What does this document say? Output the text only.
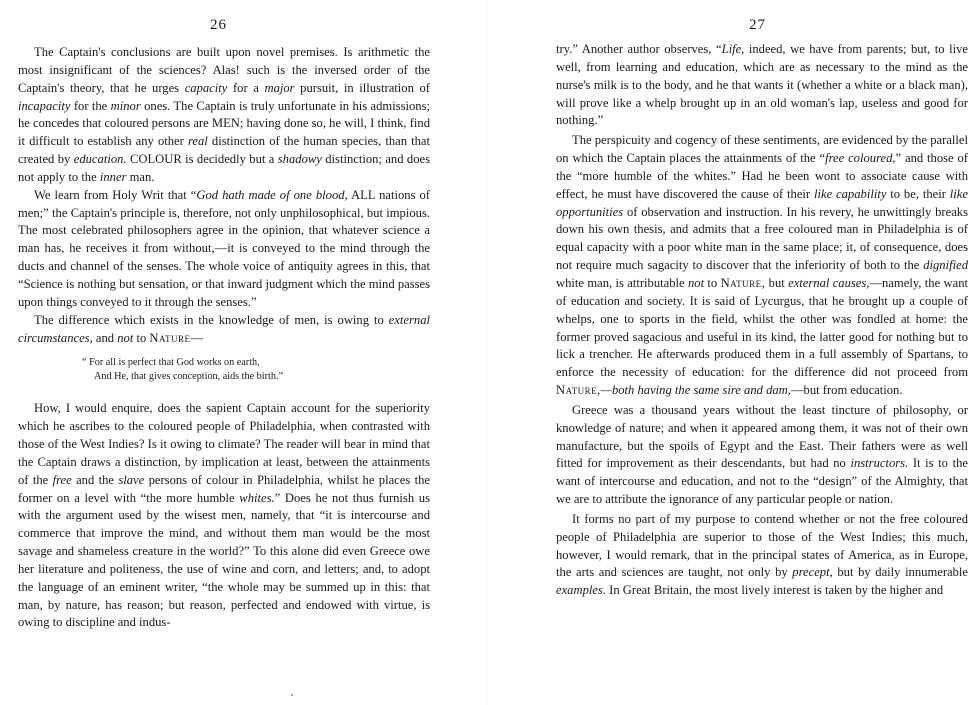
26

The Captain's conclusions are built upon novel premises. Is arithmetic the most insignificant of the sciences? Alas! such is the inversed order of the Captain's theory, that he urges capacity for a major pursuit, in illustration of incapacity for the minor ones. The Captain is truly unfortunate in his admissions; he concedes that coloured persons are MEN; having done so, he will, I think, find it difficult to establish any other real distinction of the human species, than that created by education. COLOUR is decidedly but a shadowy distinction; and does not apply to the inner man.

We learn from Holy Writ that “God hath made of one blood, ALL nations of men;” the Captain's principle is, therefore, not only unphilosophical, but impious. The most celebrated philosophers agree in the opinion, that whatever science a man has, he receives it from without,—it is conveyed to the mind through the ducts and channel of the senses. The whole voice of antiquity agrees in this, that “Science is nothing but sensation, or that inward judgment which the mind passes upon things conveyed to it through the senses.”

The difference which exists in the knowledge of men, is owing to external circumstances, and not to Nature—

“ For all is perfect that God works on earth,
And He, that gives conception, aids the birth.”

How, I would enquire, does the sapient Captain account for the superiority which he ascribes to the coloured people of Philadelphia, when contrasted with those of the West Indies? Is it owing to climate? The reader will bear in mind that the Captain draws a distinction, by implication at least, between the attainments of the free and the slave persons of colour in Philadelphia, whilst he places the former on a level with “the more humble whites.” Does he not thus furnish us with the argument used by the wisest men, namely, that “it is intercourse and commerce that improve the mind, and without them man would be the most savage and shameless creature in the world?” To this alone did even Greece owe her literature and politeness, the use of wine and corn, and letters; and, to adopt the language of an eminent writer, “the whole may be summed up in this: that man, by nature, has reason; but reason, perfected and endowed with virtue, is owing to discipline and indus-

27

try.” Another author observes, “Life, indeed, we have from parents; but, to live well, from learning and education, which are as necessary to the mind as the nurse's milk is to the body, and he that wants it (whether a white or a black man), will prove like a whelp brought up in an old woman's lap, useless and good for nothing.”

The perspicuity and cogency of these sentiments, are evidenced by the parallel on which the Captain places the attainments of the “free coloured,” and those of the “more humble of the whites.” Had he been wont to associate cause with effect, he must have discovered the cause of their like capability to be, their like opportunities of observation and instruction. In his revery, he unwittingly breaks down his own thesis, and admits that a free coloured man in Philadelphia is of equal capacity with a poor white man in the same place; it, of consequence, does not require much sagacity to discover that the inferiority of both to the dignified white man, is attributable not to Nature, but external causes,—namely, the want of education and society. It is said of Lycurgus, that he brought up a couple of whelps, one to sports in the field, whilst the other was fondled at home: the former proved sagacious and useful in its kind, the latter good for nothing but to lick a trencher. He afterwards produced them in a full assembly of Spartans, to enforce the necessity of education: for the difference did not proceed from Nature,—both having the same sire and dam,—but from education.

Greece was a thousand years without the least tincture of philosophy, or knowledge of nature; and when it appeared among them, it was not of their own manufacture, but the spoils of Egypt and the East. Their fathers were as well fitted for improvement as their descendants, but had no instructors. It is to the want of intercourse and education, and not to the “design” of the Almighty, that we are to attribute the ignorance of any particular people or nation.

It forms no part of my purpose to contend whether or not the free coloured people of Philadelphia are superior to those of the West Indies; this much, however, I would remark, that in the principal states of America, as in Europe, the arts and sciences are taught, not only by precept, but by daily innumerable examples. In Great Britain, the most lively interest is taken by the higher and
